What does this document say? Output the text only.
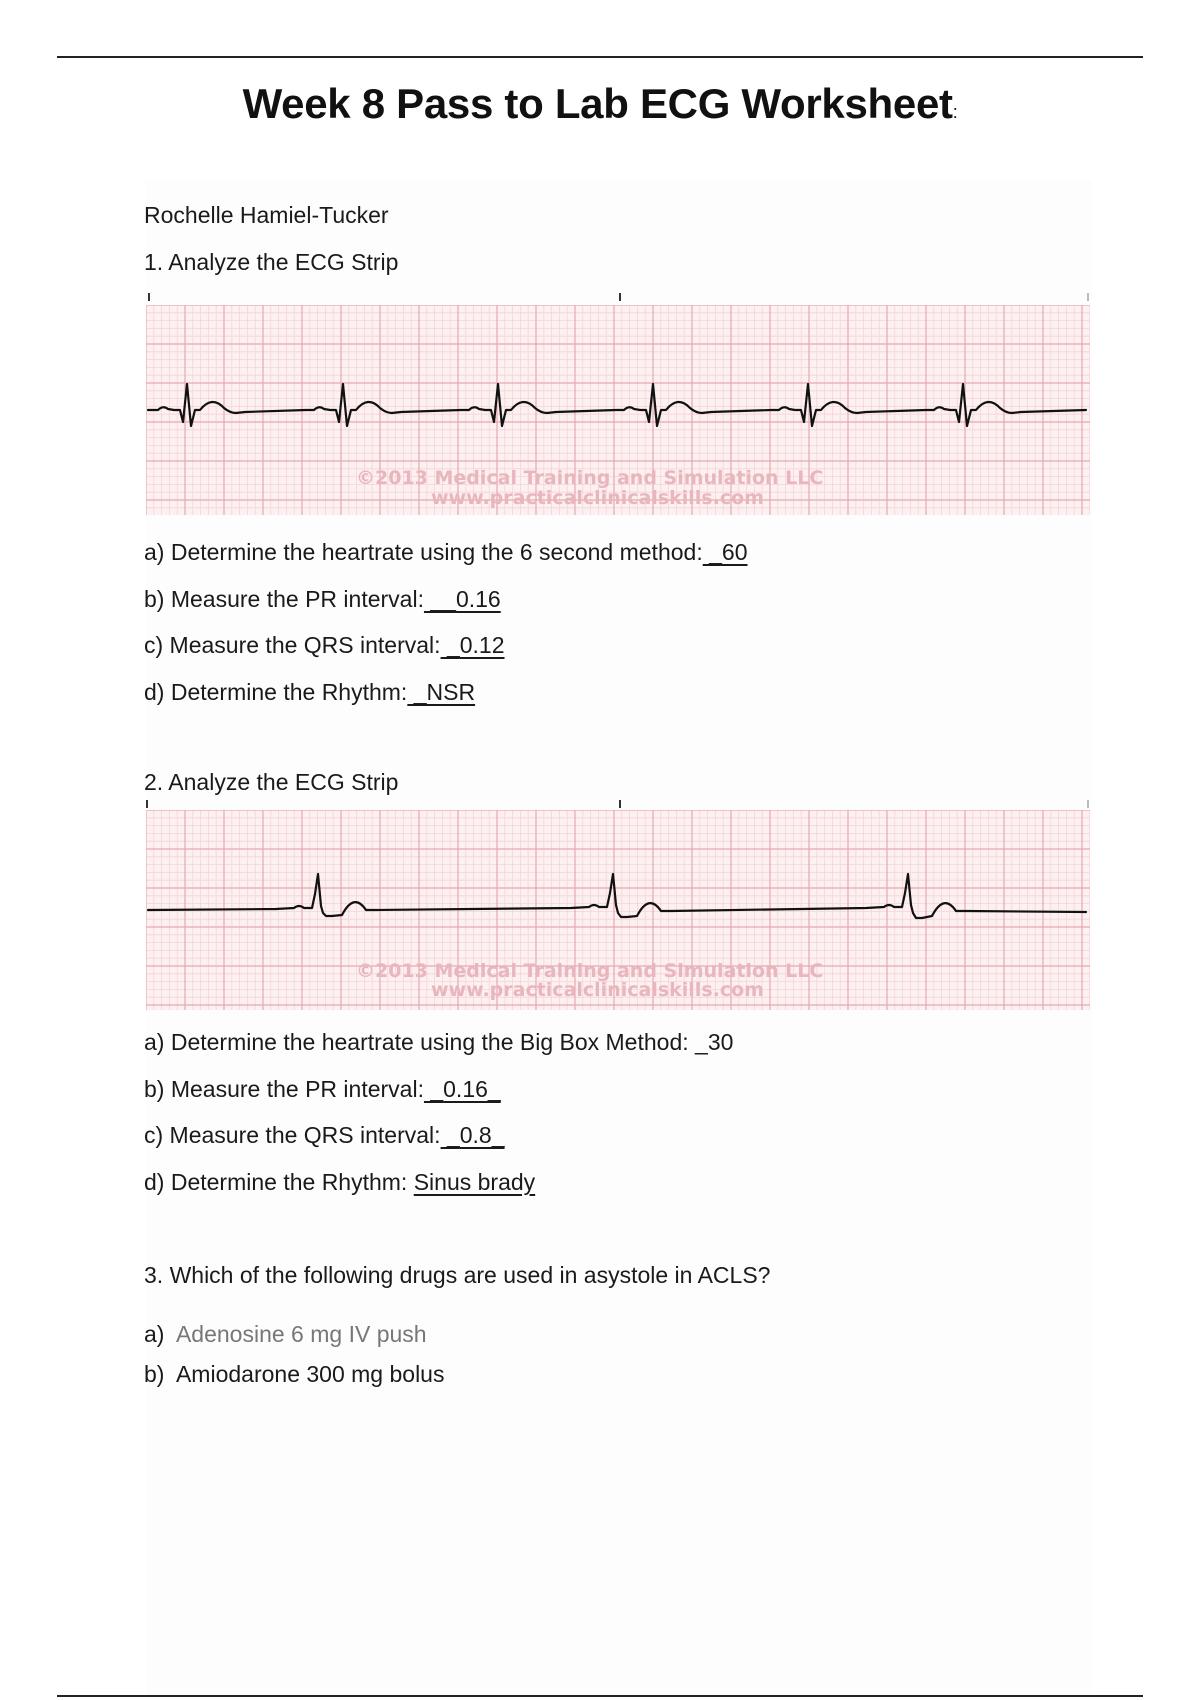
Week 8 Pass to Lab ECG Worksheet:
Rochelle Hamiel-Tucker
1. Analyze the ECG Strip
©2013 Medical Training and Simulation LLC
www.practicalclinicalskills.com
a) Determine the heartrate using the 6 second method: _60
b) Measure the PR interval: __0.16
c) Measure the QRS interval: _0.12
d) Determine the Rhythm: _NSR
2. Analyze the ECG Strip
©2013 Medical Training and Simulation LLC
www.practicalclinicalskills.com
a) Determine the heartrate using the Big Box Method: _30
b) Measure the PR interval: _0.16_
c) Measure the QRS interval: _0.8_
d) Determine the Rhythm: Sinus brady
3. Which of the following drugs are used in asystole in ACLS?
a) Adenosine 6 mg IV push
b) Amiodarone 300 mg bolus
